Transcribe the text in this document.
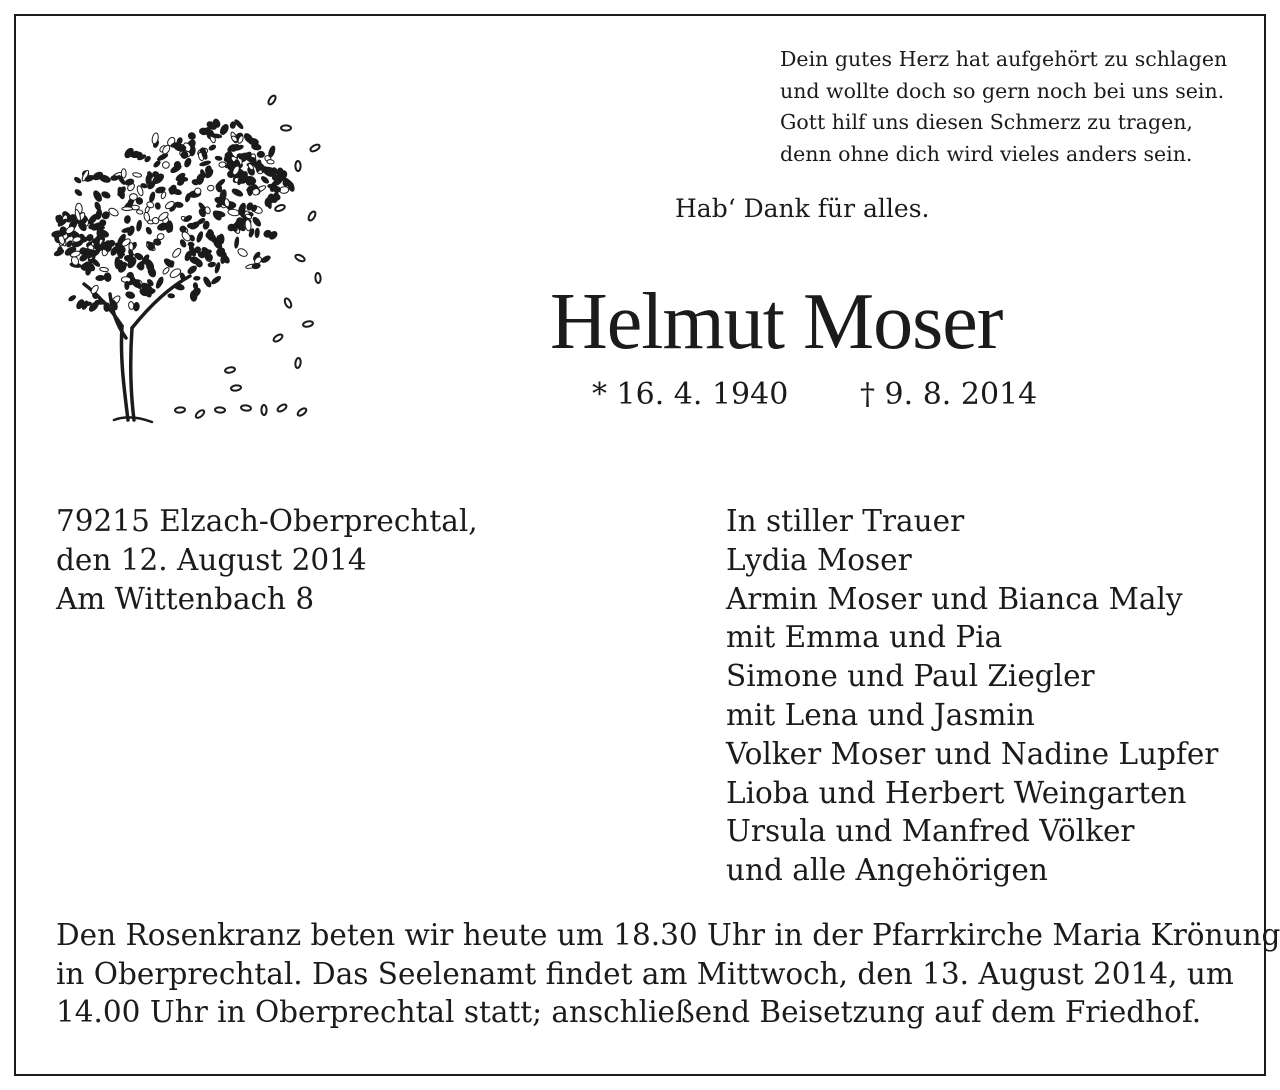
Dein gutes Herz hat aufgehört zu schlagen
und wollte doch so gern noch bei uns sein.
Gott hilf uns diesen Schmerz zu tragen,
denn ohne dich wird vieles anders sein.
Hab‘ Dank für alles.
Helmut Moser
* 16. 4. 1940 † 9. 8. 2014
79215 Elzach-Oberprechtal,
den 12. August 2014
Am Wittenbach 8
In stiller Trauer
Lydia Moser
Armin Moser und Bianca Maly
mit Emma und Pia
Simone und Paul Ziegler
mit Lena und Jasmin
Volker Moser und Nadine Lupfer
Lioba und Herbert Weingarten
Ursula und Manfred Völker
und alle Angehörigen
Den Rosenkranz beten wir heute um 18.30 Uhr in der Pfarrkirche Maria Krönung
in Oberprechtal. Das Seelenamt findet am Mittwoch, den 13. August 2014, um
14.00 Uhr in Oberprechtal statt; anschließend Beisetzung auf dem Friedhof.
